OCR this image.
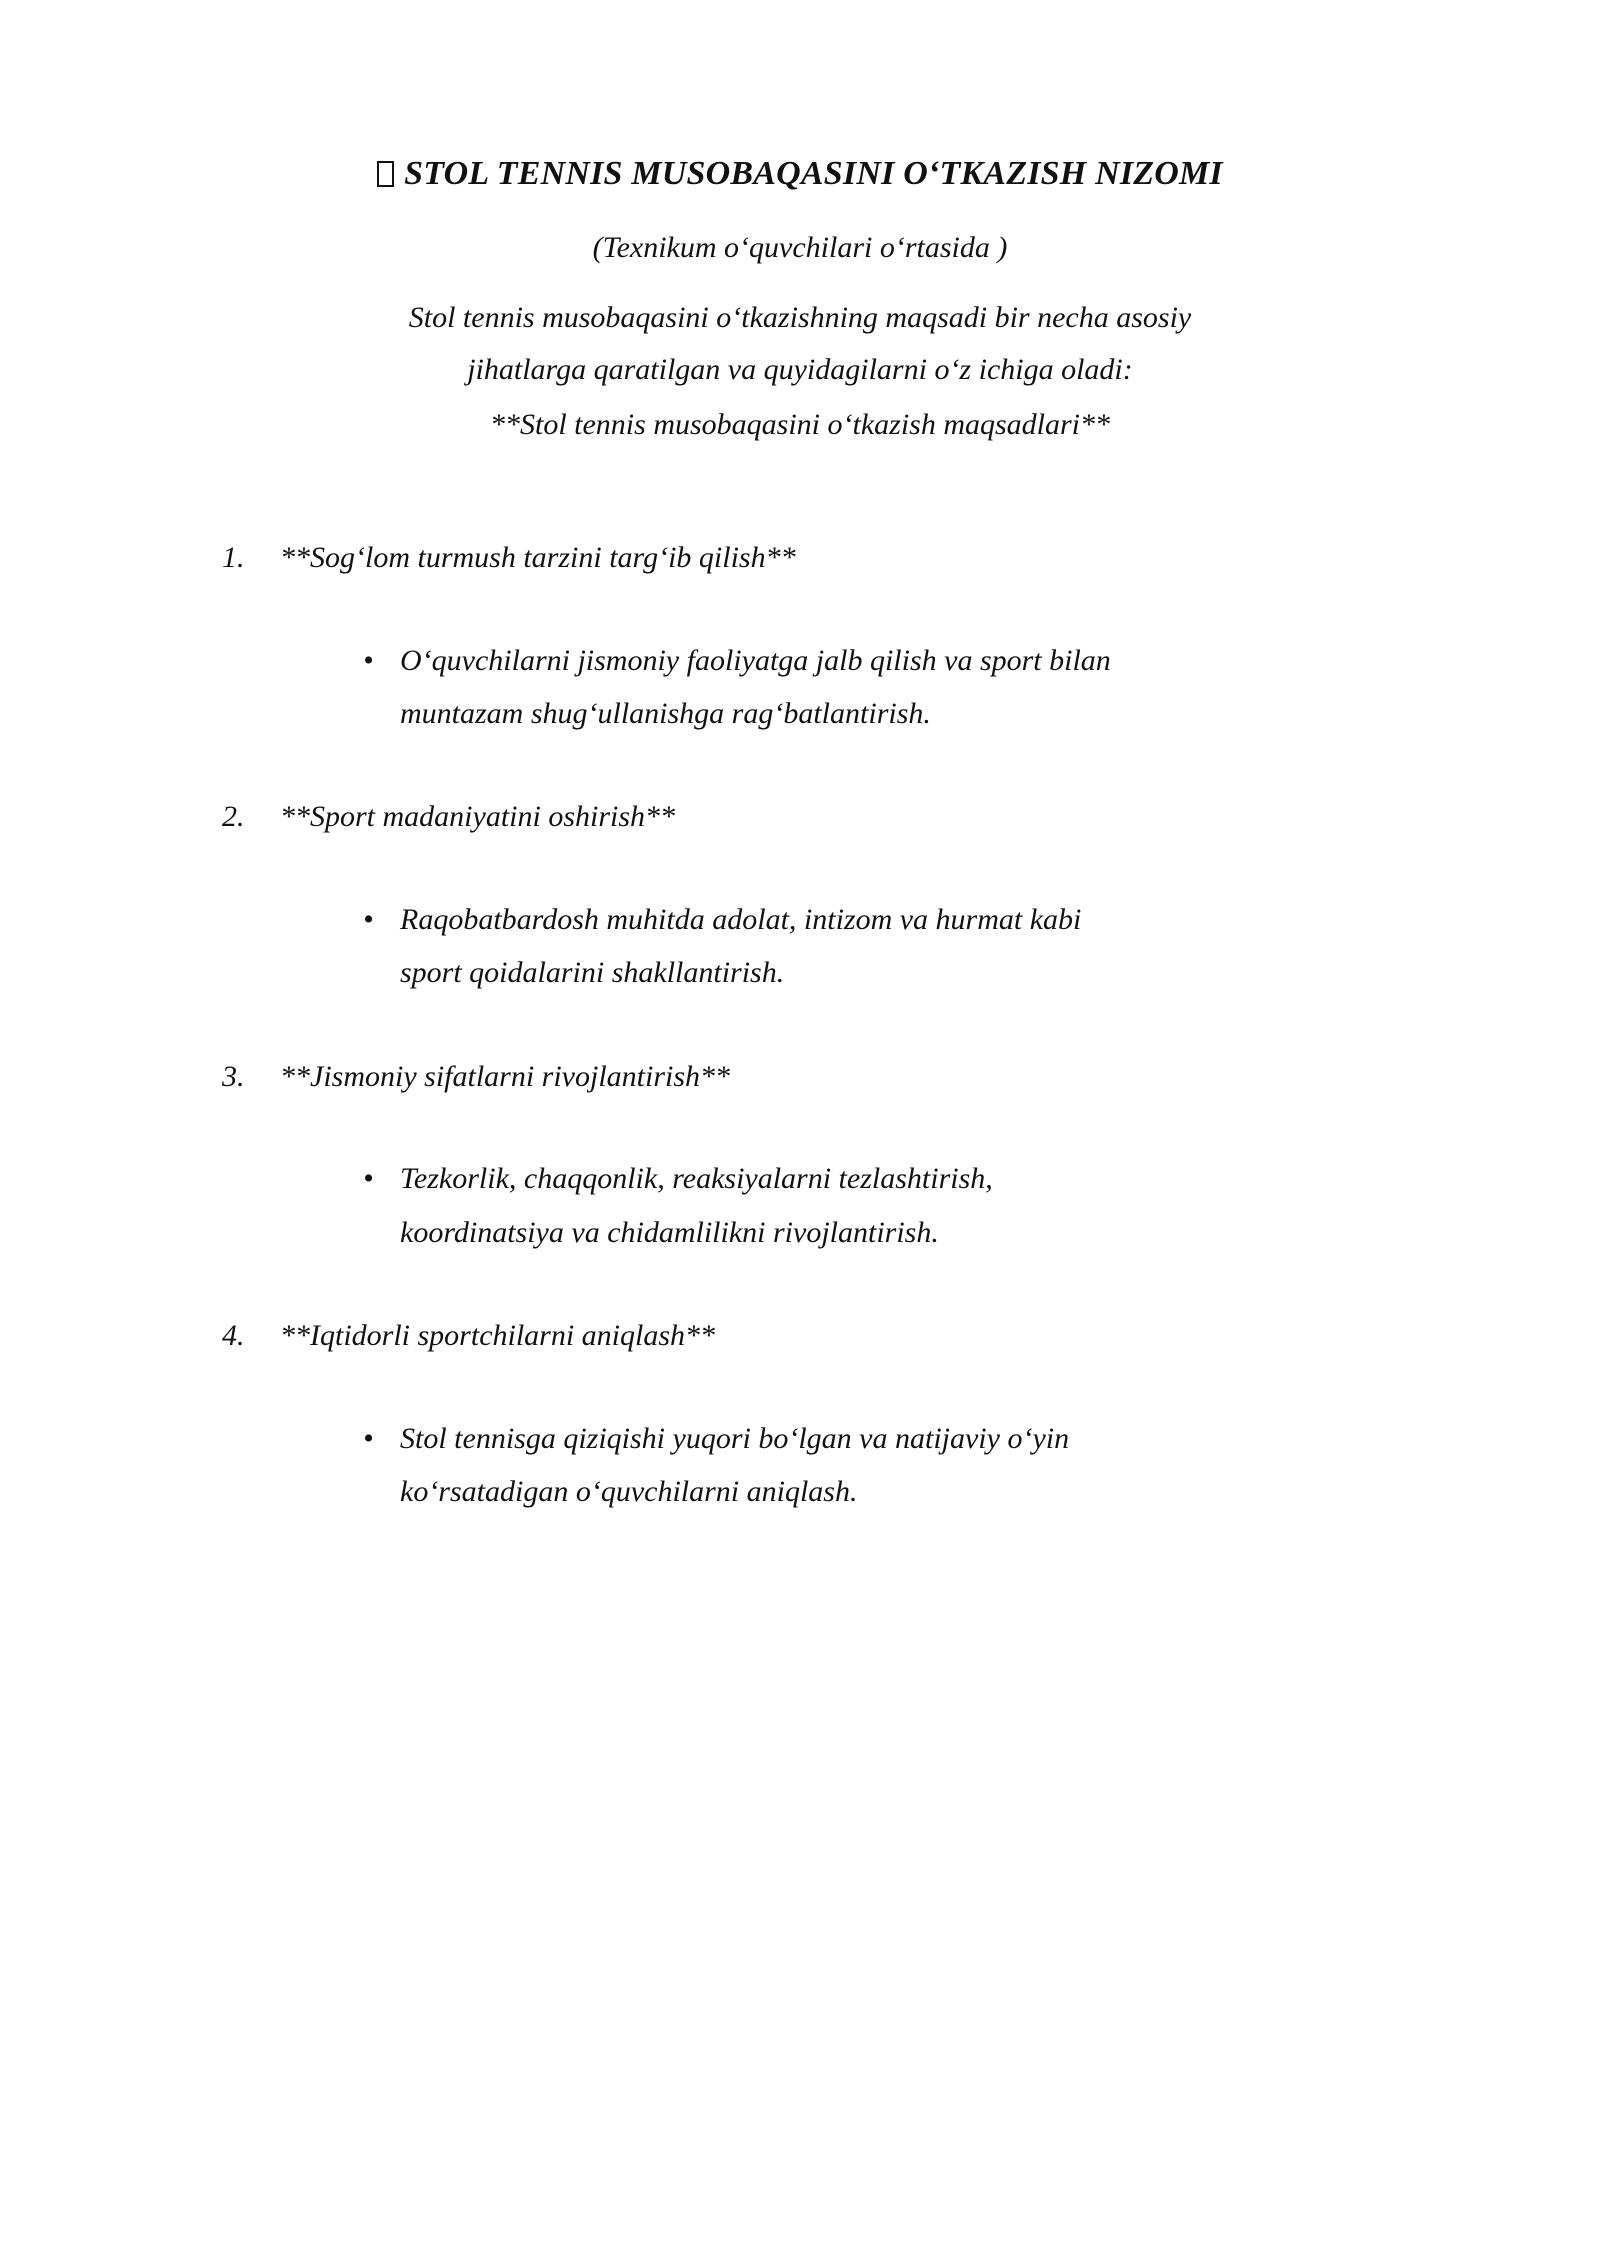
STOL TENNIS MUSOBAQASINI O‘TKAZISH NIZOMI
(Texnikum o‘quvchilari o‘rtasida )
Stol tennis musobaqasini o‘tkazishning maqsadi bir necha asosiy
jihatlarga qaratilgan va quyidagilarni o‘z ichiga oladi:
**Stol tennis musobaqasini o‘tkazish maqsadlari**
1. **Sog‘lom turmush tarzini targ‘ib qilish**
• O‘quvchilarni jismoniy faoliyatga jalb qilish va sport bilan
muntazam shug‘ullanishga rag‘batlantirish.
2. **Sport madaniyatini oshirish**
• Raqobatbardosh muhitda adolat, intizom va hurmat kabi
sport qoidalarini shakllantirish.
3. **Jismoniy sifatlarni rivojlantirish**
• Tezkorlik, chaqqonlik, reaksiyalarni tezlashtirish,
koordinatsiya va chidamlilikni rivojlantirish.
4. **Iqtidorli sportchilarni aniqlash**
• Stol tennisga qiziqishi yuqori bo‘lgan va natijaviy o‘yin
ko‘rsatadigan o‘quvchilarni aniqlash.
